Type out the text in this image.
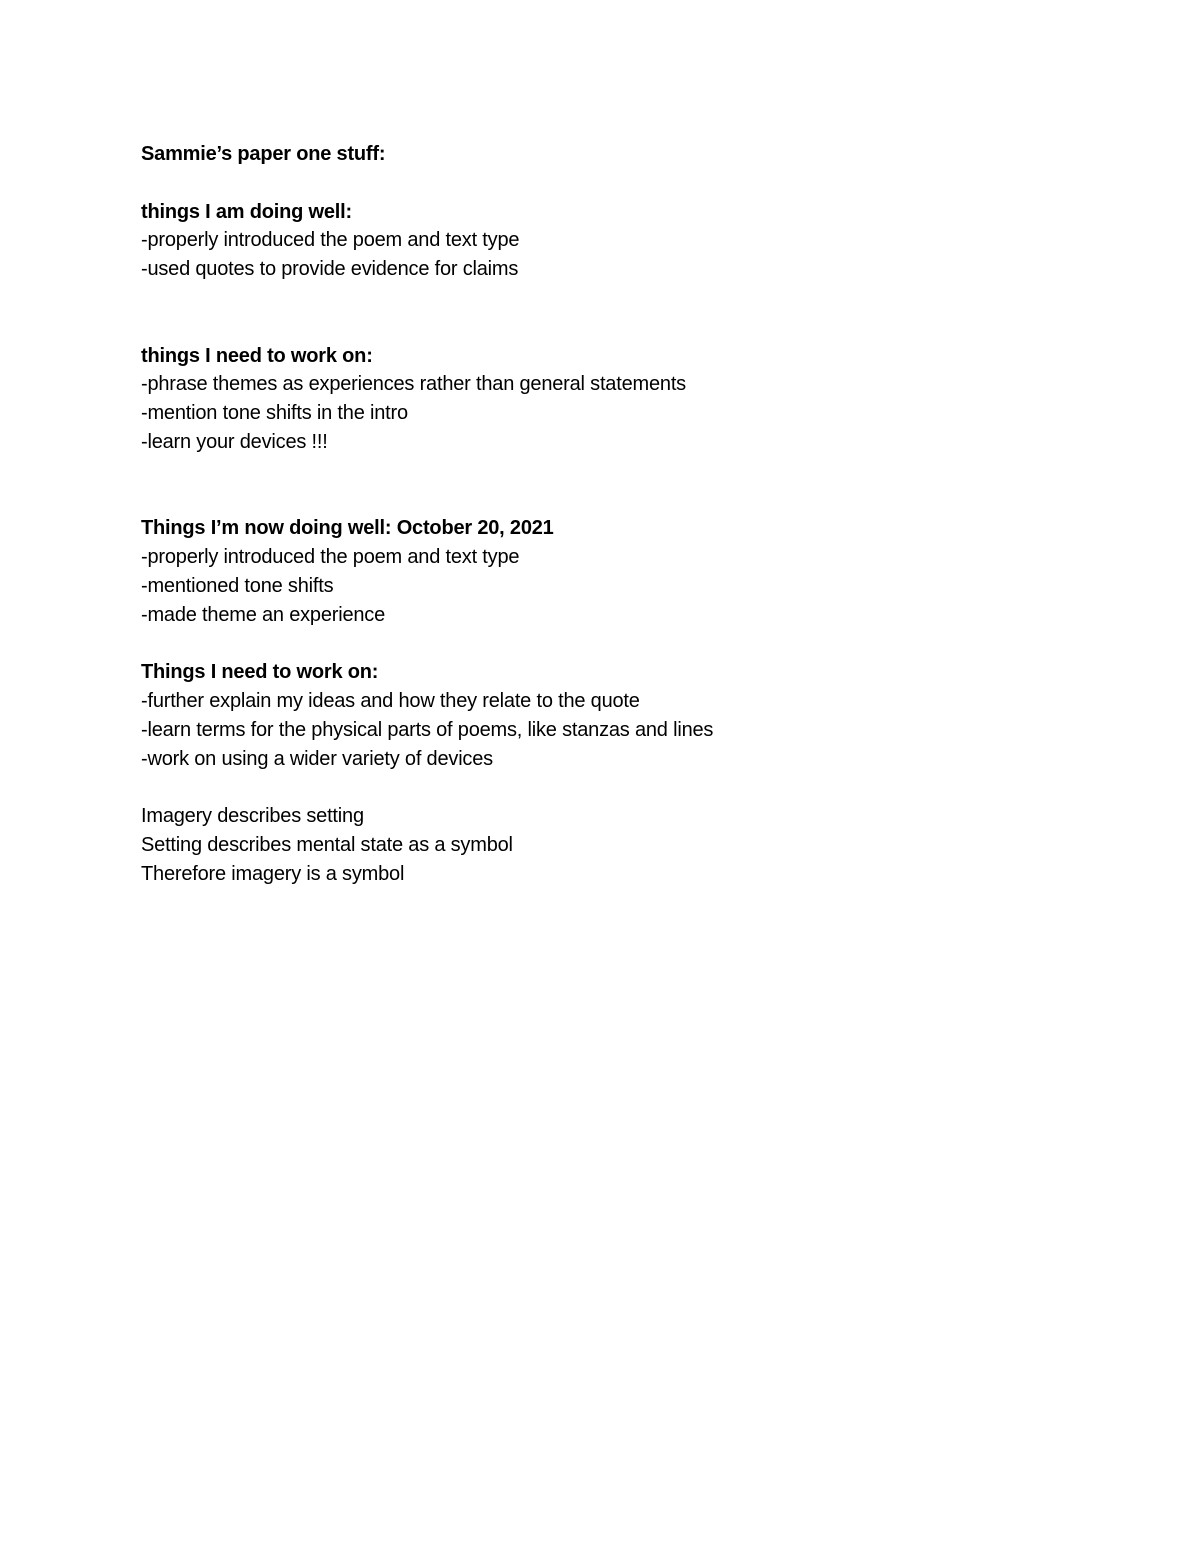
Sammie’s paper one stuff:
things I am doing well:
-properly introduced the poem and text type
-used quotes to provide evidence for claims
things I need to work on:
-phrase themes as experiences rather than general statements
-mention tone shifts in the intro
-learn your devices !!!
Things I’m now doing well: October 20, 2021
-properly introduced the poem and text type
-mentioned tone shifts
-made theme an experience
Things I need to work on:
-further explain my ideas and how they relate to the quote
-learn terms for the physical parts of poems, like stanzas and lines
-work on using a wider variety of devices
Imagery describes setting
Setting describes mental state as a symbol
Therefore imagery is a symbol
